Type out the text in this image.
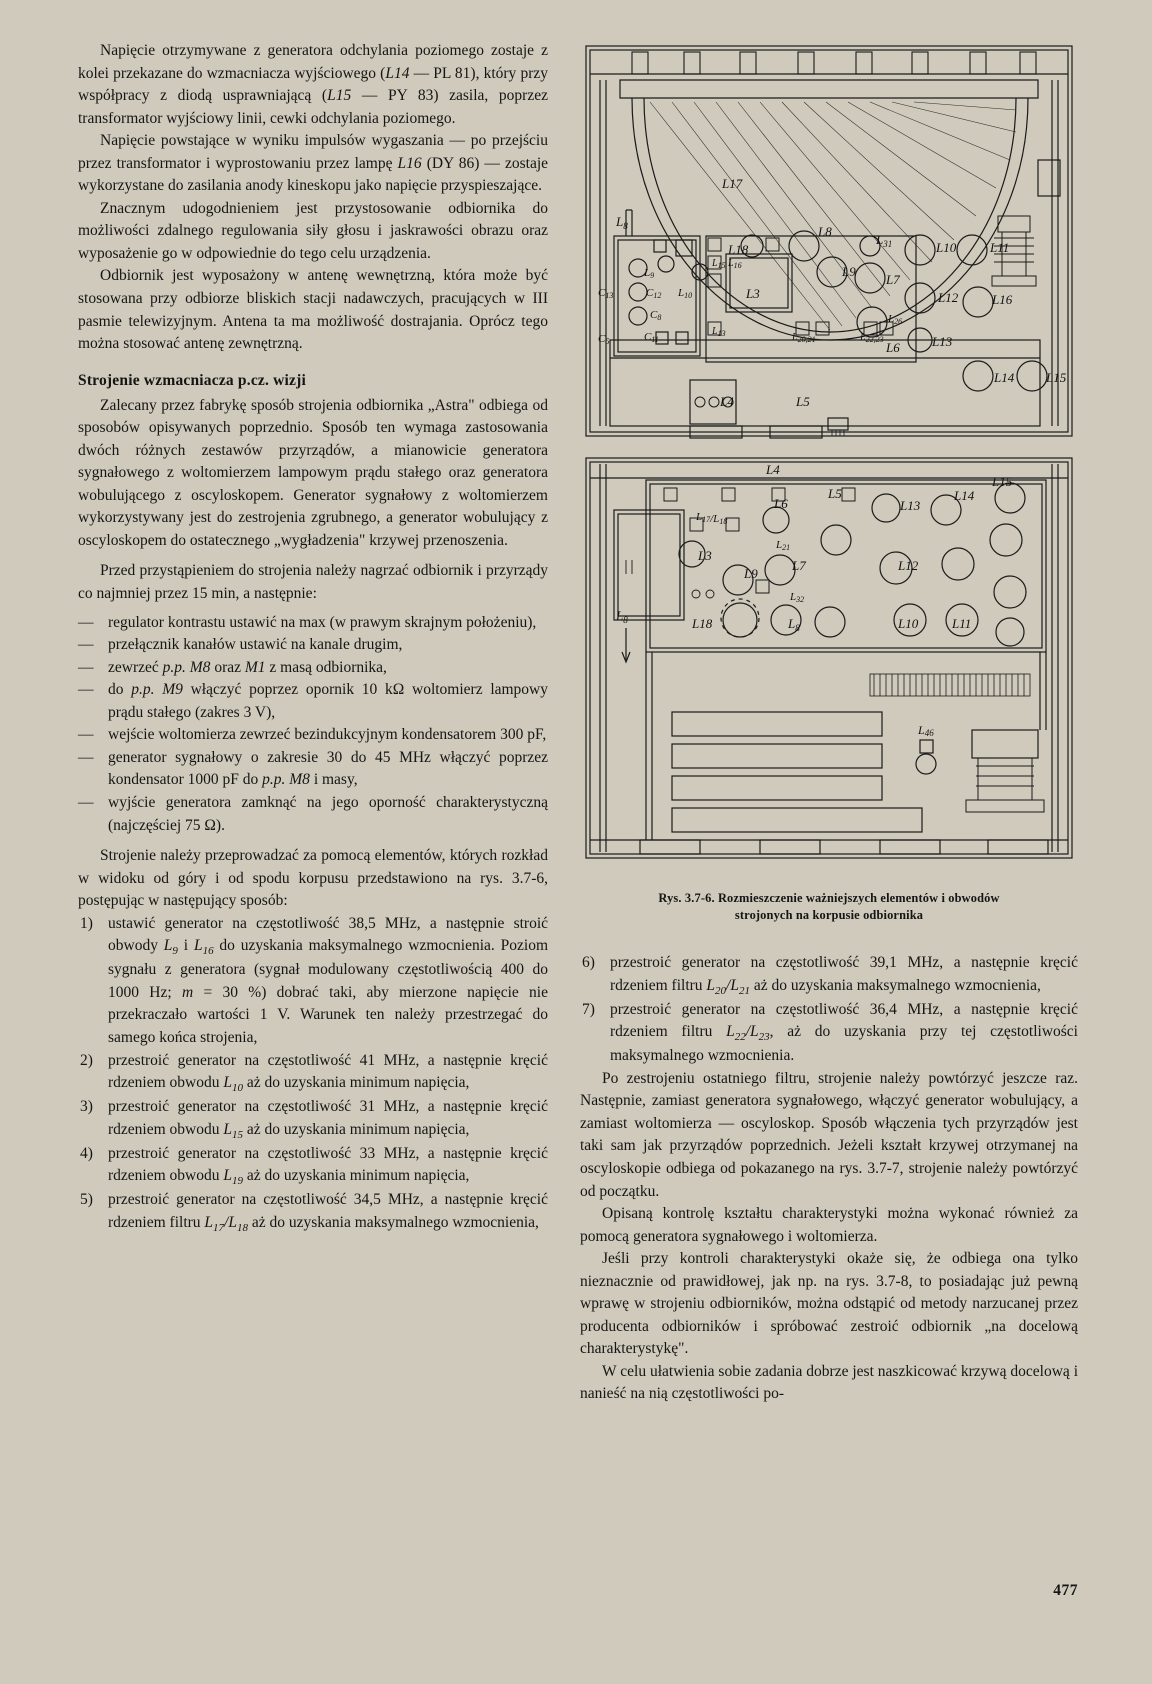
Napięcie otrzymywane z generatora odchylania poziomego zostaje z kolei przekazane do wzmacniacza wyjściowego (L14 — PL 81), który przy współpracy z diodą usprawniającą (L15 — PY 83) zasila, poprzez transformator wyjściowy linii, cewki odchylania poziomego.

Napięcie powstające w wyniku impulsów wygaszania — po przejściu przez transformator i wyprostowaniu przez lampę L16 (DY 86) — zostaje wykorzystane do zasilania anody kineskopu jako napięcie przyspieszające.

Znacznym udogodnieniem jest przystosowanie odbiornika do możliwości zdalnego regulowania siły głosu i jaskrawości obrazu oraz wyposażenie go w odpowiednie do tego celu urządzenia.

Odbiornik jest wyposażony w antenę wewnętrzną, która może być stosowana przy odbiorze bliskich stacji nadawczych, pracujących w III pasmie telewizyjnym. Antena ta ma możliwość dostrajania. Oprócz tego można stosować antenę zewnętrzną.

Strojenie wzmacniacza p.cz. wizji

Zalecany przez fabrykę sposób strojenia odbiornika „Astra" odbiega od sposobów opisywanych poprzednio. Sposób ten wymaga zastosowania dwóch różnych zestawów przyrządów, a mianowicie generatora sygnałowego z woltomierzem lampowym prądu stałego oraz generatora wobulującego z oscyloskopem. Generator sygnałowy z woltomierzem wykorzystywany jest do zestrojenia zgrubnego, a generator wobulujący z oscyloskopem do ostatecznego „wygładzenia" krzywej przenoszenia.

Przed przystąpieniem do strojenia należy nagrzać odbiornik i przyrządy co najmniej przez 15 min, a następnie:

— regulator kontrastu ustawić na max (w prawym skrajnym położeniu),
— przełącznik kanałów ustawić na kanale drugim,
— zewrzeć p.p. M8 oraz M1 z masą odbiornika,
— do p.p. M9 włączyć poprzez opornik 10 kΩ woltomierz lampowy prądu stałego (zakres 3 V),
— wejście woltomierza zewrzeć bezindukcyjnym kondensatorem 300 pF,
— generator sygnałowy o zakresie 30 do 45 MHz włączyć poprzez kondensator 1000 pF do p.p. M8 i masy,
— wyjście generatora zamknąć na jego oporność charakterystyczną (najczęściej 75 Ω).

Strojenie należy przeprowadzać za pomocą elementów, których rozkład w widoku od góry i od spodu korpusu przedstawiono na rys. 3.7-6, postępując w następujący sposób:

1) ustawić generator na częstotliwość 38,5 MHz, a następnie stroić obwody $L_9$ i $L_{16}$ do uzyskania maksymalnego wzmocnienia. Poziom sygnału z generatora (sygnał modulowany częstotliwością 400 do 1000 Hz; m = 30 %) dobrać taki, aby mierzone napięcie nie przekraczało wartości 1 V. Warunek ten należy przestrzegać do samego końca strojenia,
2) przestroić generator na częstotliwość 41 MHz, a następnie kręcić rdzeniem obwodu $L_{10}$ aż do uzyskania minimum napięcia,
3) przestroić generator na częstotliwość 31 MHz, a następnie kręcić rdzeniem obwodu $L_{15}$ aż do uzyskania minimum napięcia,
4) przestroić generator na częstotliwość 33 MHz, a następnie kręcić rdzeniem obwodu $L_{19}$ aż do uzyskania minimum napięcia,
5) przestroić generator na częstotliwość 34,5 MHz, a następnie kręcić rdzeniem filtru $L_{17}/L_{18}$ aż do uzyskania maksymalnego wzmocnienia,
L17
$L_8$	L8
$L_{31}$	L10	L11
L9
L18
$L_{15}$ $L_{16}$
L7
L12	L16
L9
L10	L3
L26
L6 L13
C13	C12
C8
C11
C5
$L_{13}$	$L_{20,21}$	$L_{22,23}$
L14 L15
L4	L5
L4
L5
L15
L14
L17/L18
L6	L13
L3
L21
L9
L7	L12
L32
$L_8$	L18	$L_8$	L10	L11
L46
Rys. 3.7-6. Rozmieszczenie ważniejszych elementów i obwodów
strojonych na korpusie odbiornika
6) przestroić generator na częstotliwość 39,1 MHz, a następnie kręcić rdzeniem filtru $L_{20}/L_{21}$ aż do uzyskania maksymalnego wzmocnienia,
7) przestroić generator na częstotliwość 36,4 MHz, a następnie kręcić rdzeniem filtru $L_{22}/L_{23}$, aż do uzyskania przy tej częstotliwości maksymalnego wzmocnienia.

Po zestrojeniu ostatniego filtru, strojenie należy powtórzyć jeszcze raz. Następnie, zamiast generatora sygnałowego, włączyć generator wobulujący, a zamiast woltomierza — oscyloskop. Sposób włączenia tych przyrządów jest taki sam jak przyrządów poprzednich. Jeżeli kształt krzywej otrzymanej na oscyloskopie odbiega od pokazanego na rys. 3.7-7, strojenie należy powtórzyć od początku.

Opisaną kontrolę kształtu charakterystyki można wykonać również za pomocą generatora sygnałowego i woltomierza.

Jeśli przy kontroli charakterystyki okaże się, że odbiega ona tylko nieznacznie od prawidłowej, jak np. na rys. 3.7-8, to posiadając już pewną wprawę w strojeniu odbiorników, można odstąpić od metody narzucanej przez producenta odbiorników i spróbować zestroić odbiornik „na docelową charakterystykę".

W celu ułatwienia sobie zadania dobrze jest naszkicować krzywą docelową i nanieść na nią częstotliwości po-

477
